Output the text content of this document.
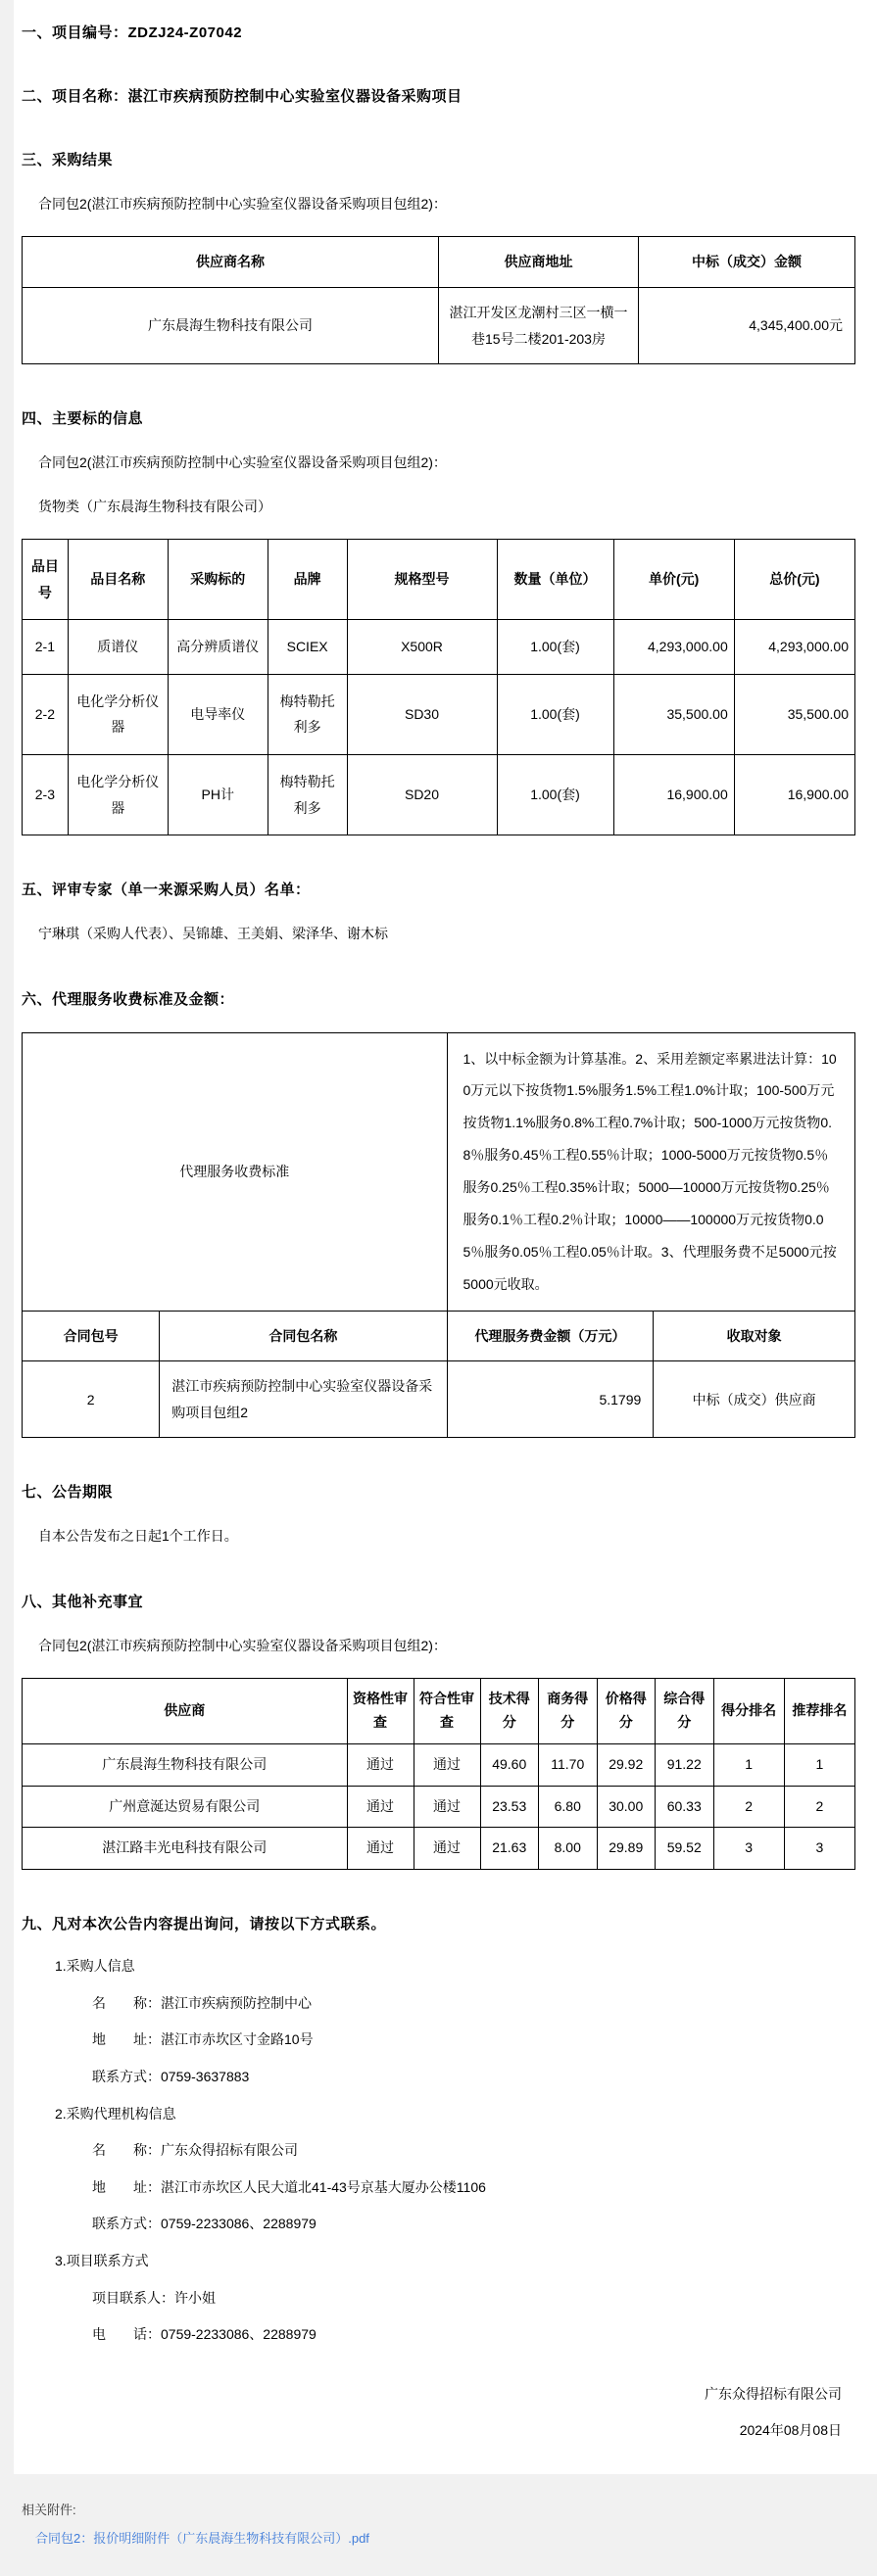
一、项目编号：ZDZJ24-Z07042
二、项目名称：湛江市疾病预防控制中心实验室仪器设备采购项目
三、采购结果
合同包2(湛江市疾病预防控制中心实验室仪器设备采购项目包组2)：
供应商名称	供应商地址	中标（成交）金额
广东晨海生物科技有限公司	湛江开发区龙潮村三区一横一巷15号二楼201-203房	4,345,400.00元
四、主要标的信息
合同包2(湛江市疾病预防控制中心实验室仪器设备采购项目包组2)：
货物类（广东晨海生物科技有限公司）
品目号	品目名称	采购标的	品牌	规格型号	数量（单位）	单价(元)	总价(元)
2-1	质谱仪	高分辨质谱仪	SCIEX	X500R	1.00(套)	4,293,000.00	4,293,000.00
2-2	电化学分析仪器	电导率仪	梅特勒托利多	SD30	1.00(套)	35,500.00	35,500.00
2-3	电化学分析仪器	PH计	梅特勒托利多	SD20	1.00(套)	16,900.00	16,900.00
五、评审专家（单一来源采购人员）名单：
宁琳琪（采购人代表）、吴锦雄、王美娟、梁泽华、谢木标
六、代理服务收费标准及金额：
代理服务收费标准		1、以中标金额为计算基准。2、采用差额定率累进法计算：100万元以下按货物1.5%服务1.5%工程1.0%计取；100-500万元按货物1.1%服务0.8%工程0.7%计取；500-1000万元按货物0.8％服务0.45％工程0.55％计取；1000-5000万元按货物0.5％服务0.25％工程0.35%计取；5000—10000万元按货物0.25％服务0.1％工程0.2％计取；10000——100000万元按货物0.05％服务0.05％工程0.05％计取。3、代理服务费不足5000元按5000元收取。	
合同包号	合同包名称	代理服务费金额（万元）	收取对象
2	湛江市疾病预防控制中心实验室仪器设备采购项目包组2	5.1799	中标（成交）供应商
七、公告期限
自本公告发布之日起1个工作日。
八、其他补充事宜
合同包2(湛江市疾病预防控制中心实验室仪器设备采购项目包组2)：
供应商	资格性审查	符合性审查	技术得分	商务得分	价格得分	综合得分	得分排名	推荐排名
广东晨海生物科技有限公司	通过	通过	49.60	11.70	29.92	91.22	1	1
广州意涎达贸易有限公司	通过	通过	23.53	6.80	30.00	60.33	2	2
湛江路丰光电科技有限公司	通过	通过	21.63	8.00	29.89	59.52	3	3
九、凡对本次公告内容提出询问，请按以下方式联系。
1.采购人信息
名　　称：湛江市疾病预防控制中心
地　　址：湛江市赤坎区寸金路10号
联系方式：0759-3637883
2.采购代理机构信息
名　　称：广东众得招标有限公司
地　　址：湛江市赤坎区人民大道北41-43号京基大厦办公楼1106
联系方式：0759-2233086、2288979
3.项目联系方式
项目联系人：许小姐
电　　话：0759-2233086、2288979
广东众得招标有限公司
2024年08月08日
相关附件:
合同包2：报价明细附件（广东晨海生物科技有限公司）.pdf
